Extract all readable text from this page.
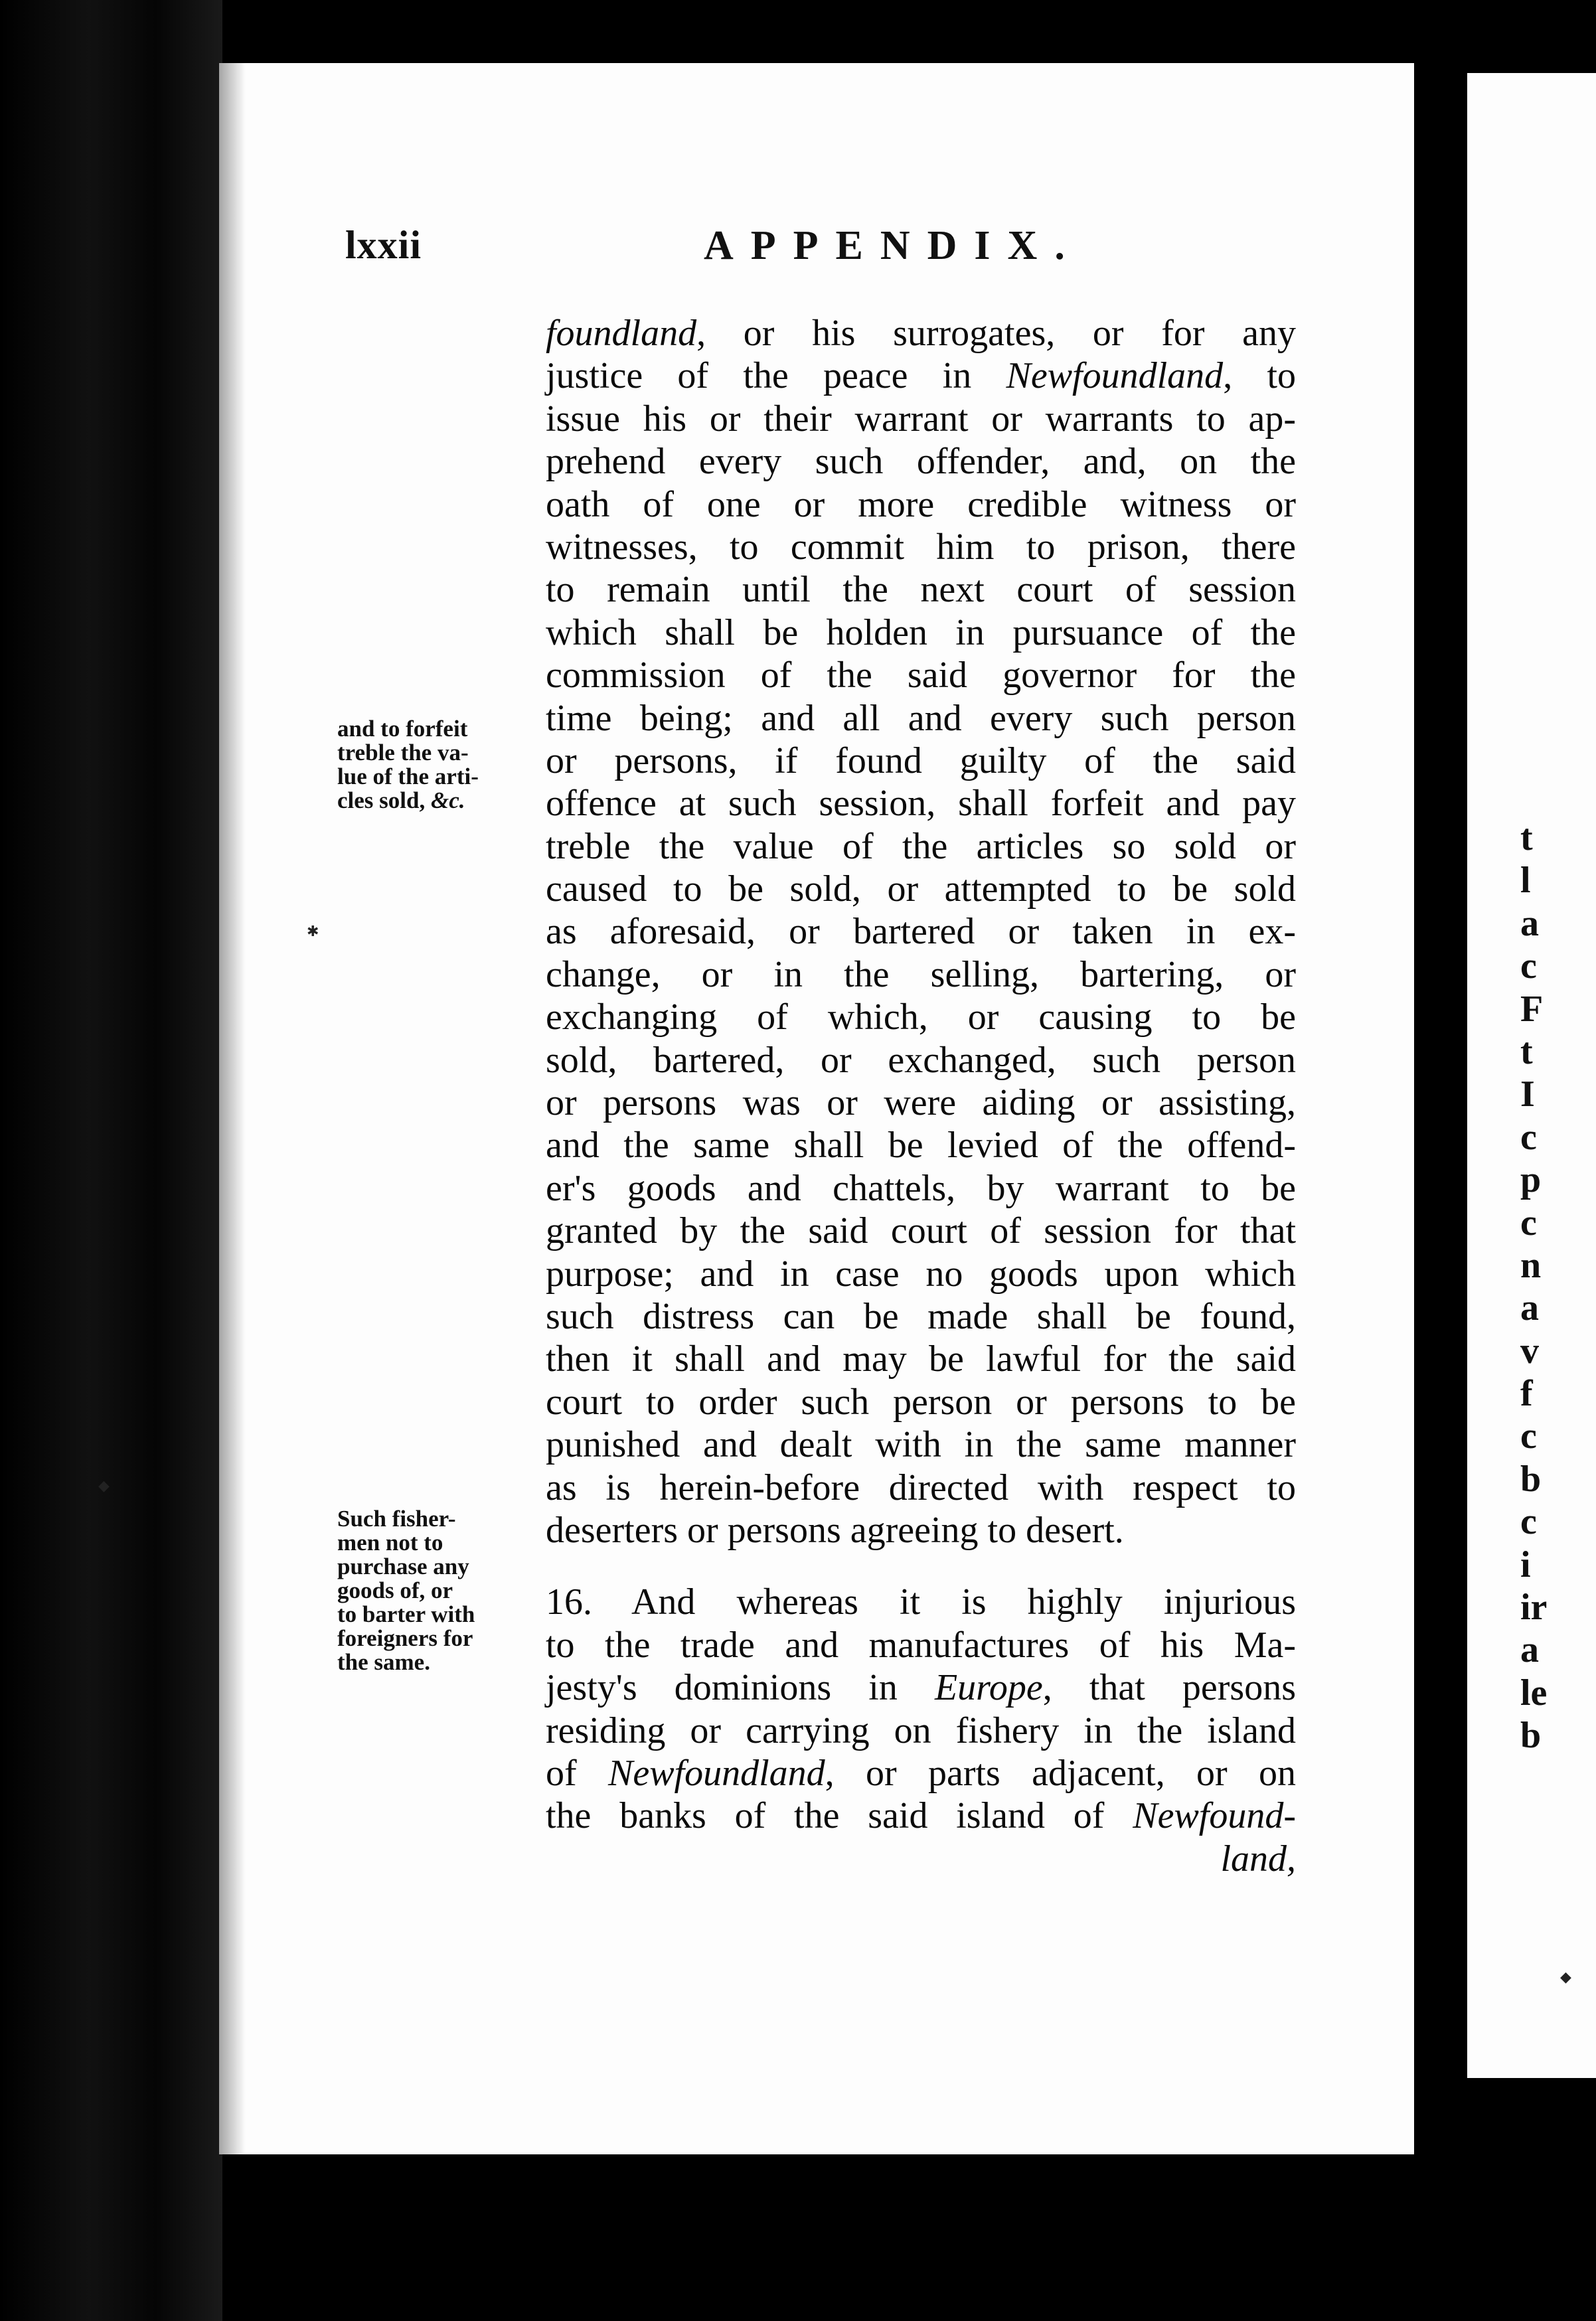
t
l
a
c
F
t
I
c
p
c
n
a
v
f
c
b
c
i
ir
a
le
b
lxxii	APPENDIX.
foundland, or his surrogates, or for any
justice of the peace in Newfoundland, to
issue his or their warrant or warrants to ap-
prehend every such offender, and, on the
oath of one or more credible witness or
witnesses, to commit him to prison, there
to remain until the next court of session
which shall be holden in pursuance of the
commission of the said governor for the
time being; and all and every such person
or persons, if found guilty of the said
offence at such session, shall forfeit and pay
treble the value of the articles so sold or
caused to be sold, or attempted to be sold
as aforesaid, or bartered or taken in ex-
change, or in the selling, bartering, or
exchanging of which, or causing to be
sold, bartered, or exchanged, such person
or persons was or were aiding or assisting,
and the same shall be levied of the offend-
er's goods and chattels, by warrant to be
granted by the said court of session for that
purpose; and in case no goods upon which
such distress can be made shall be found,
then it shall and may be lawful for the said
court to order such person or persons to be
punished and dealt with in the same manner
as is herein-before directed with respect to
deserters or persons agreeing to desert.
16. And whereas it is highly injurious
to the trade and manufactures of his Ma-
jesty's dominions in Europe, that persons
residing or carrying on fishery in the island
of Newfoundland, or parts adjacent, or on
the banks of the said island of Newfound-
land,
and to forfeit
treble the va-
lue of the arti-
cles sold, &c.
Such fisher-
men not to
purchase any
goods of, or
to barter with
foreigners for
the same.
✱
◆
◆
